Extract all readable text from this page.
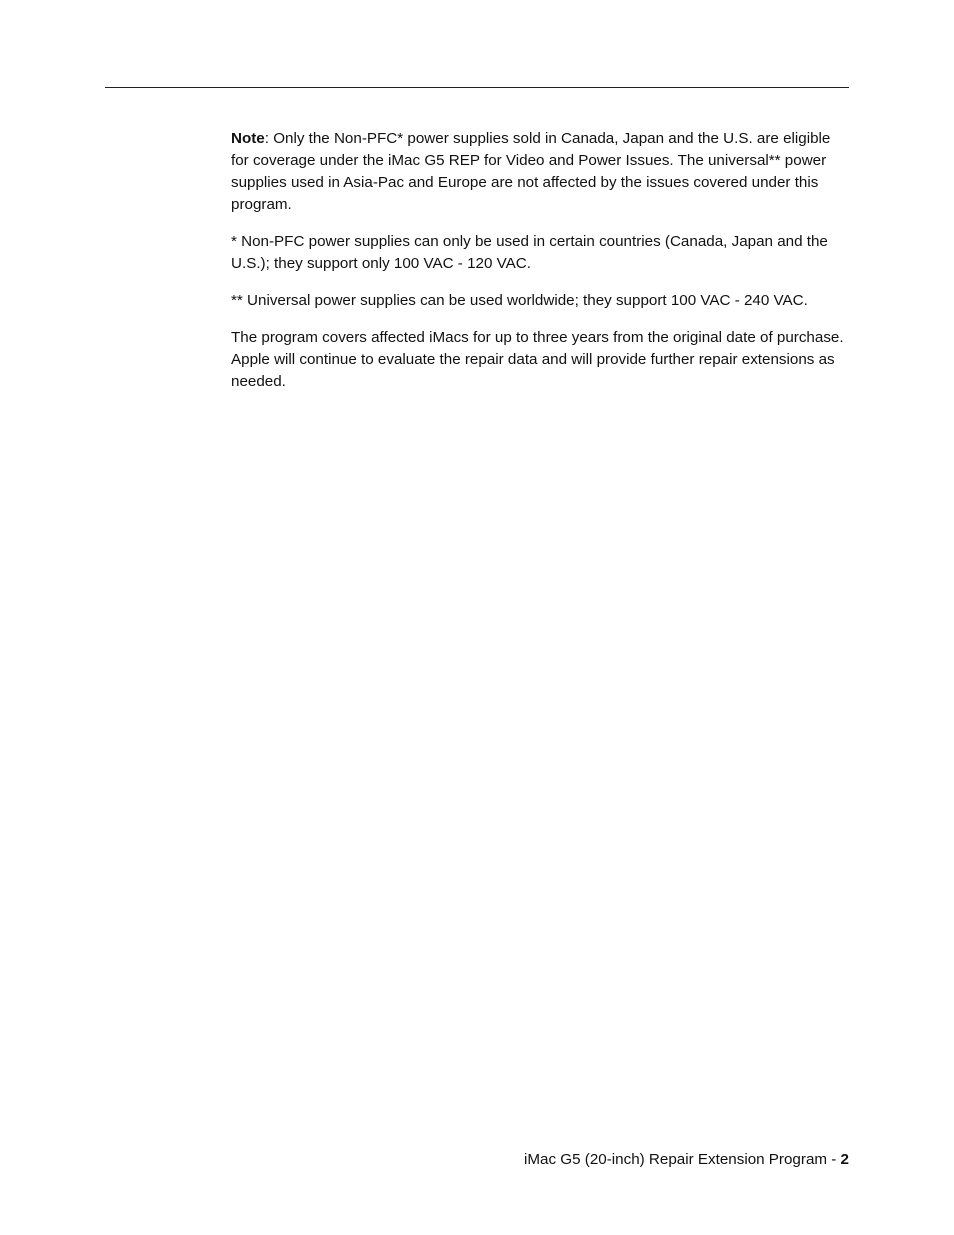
Note: Only the Non-PFC* power supplies sold in Canada, Japan and the U.S. are eligible for coverage under the iMac G5 REP for Video and Power Issues. The universal** power supplies used in Asia-Pac and Europe are not affected by the issues covered under this program.

* Non-PFC power supplies can only be used in certain countries (Canada, Japan and the U.S.); they support only 100 VAC - 120 VAC.

** Universal power supplies can be used worldwide; they support 100 VAC - 240 VAC.

The program covers affected iMacs for up to three years from the original date of purchase. Apple will continue to evaluate the repair data and will provide further repair extensions as needed.

iMac G5 (20-inch) Repair Extension Program - 2
